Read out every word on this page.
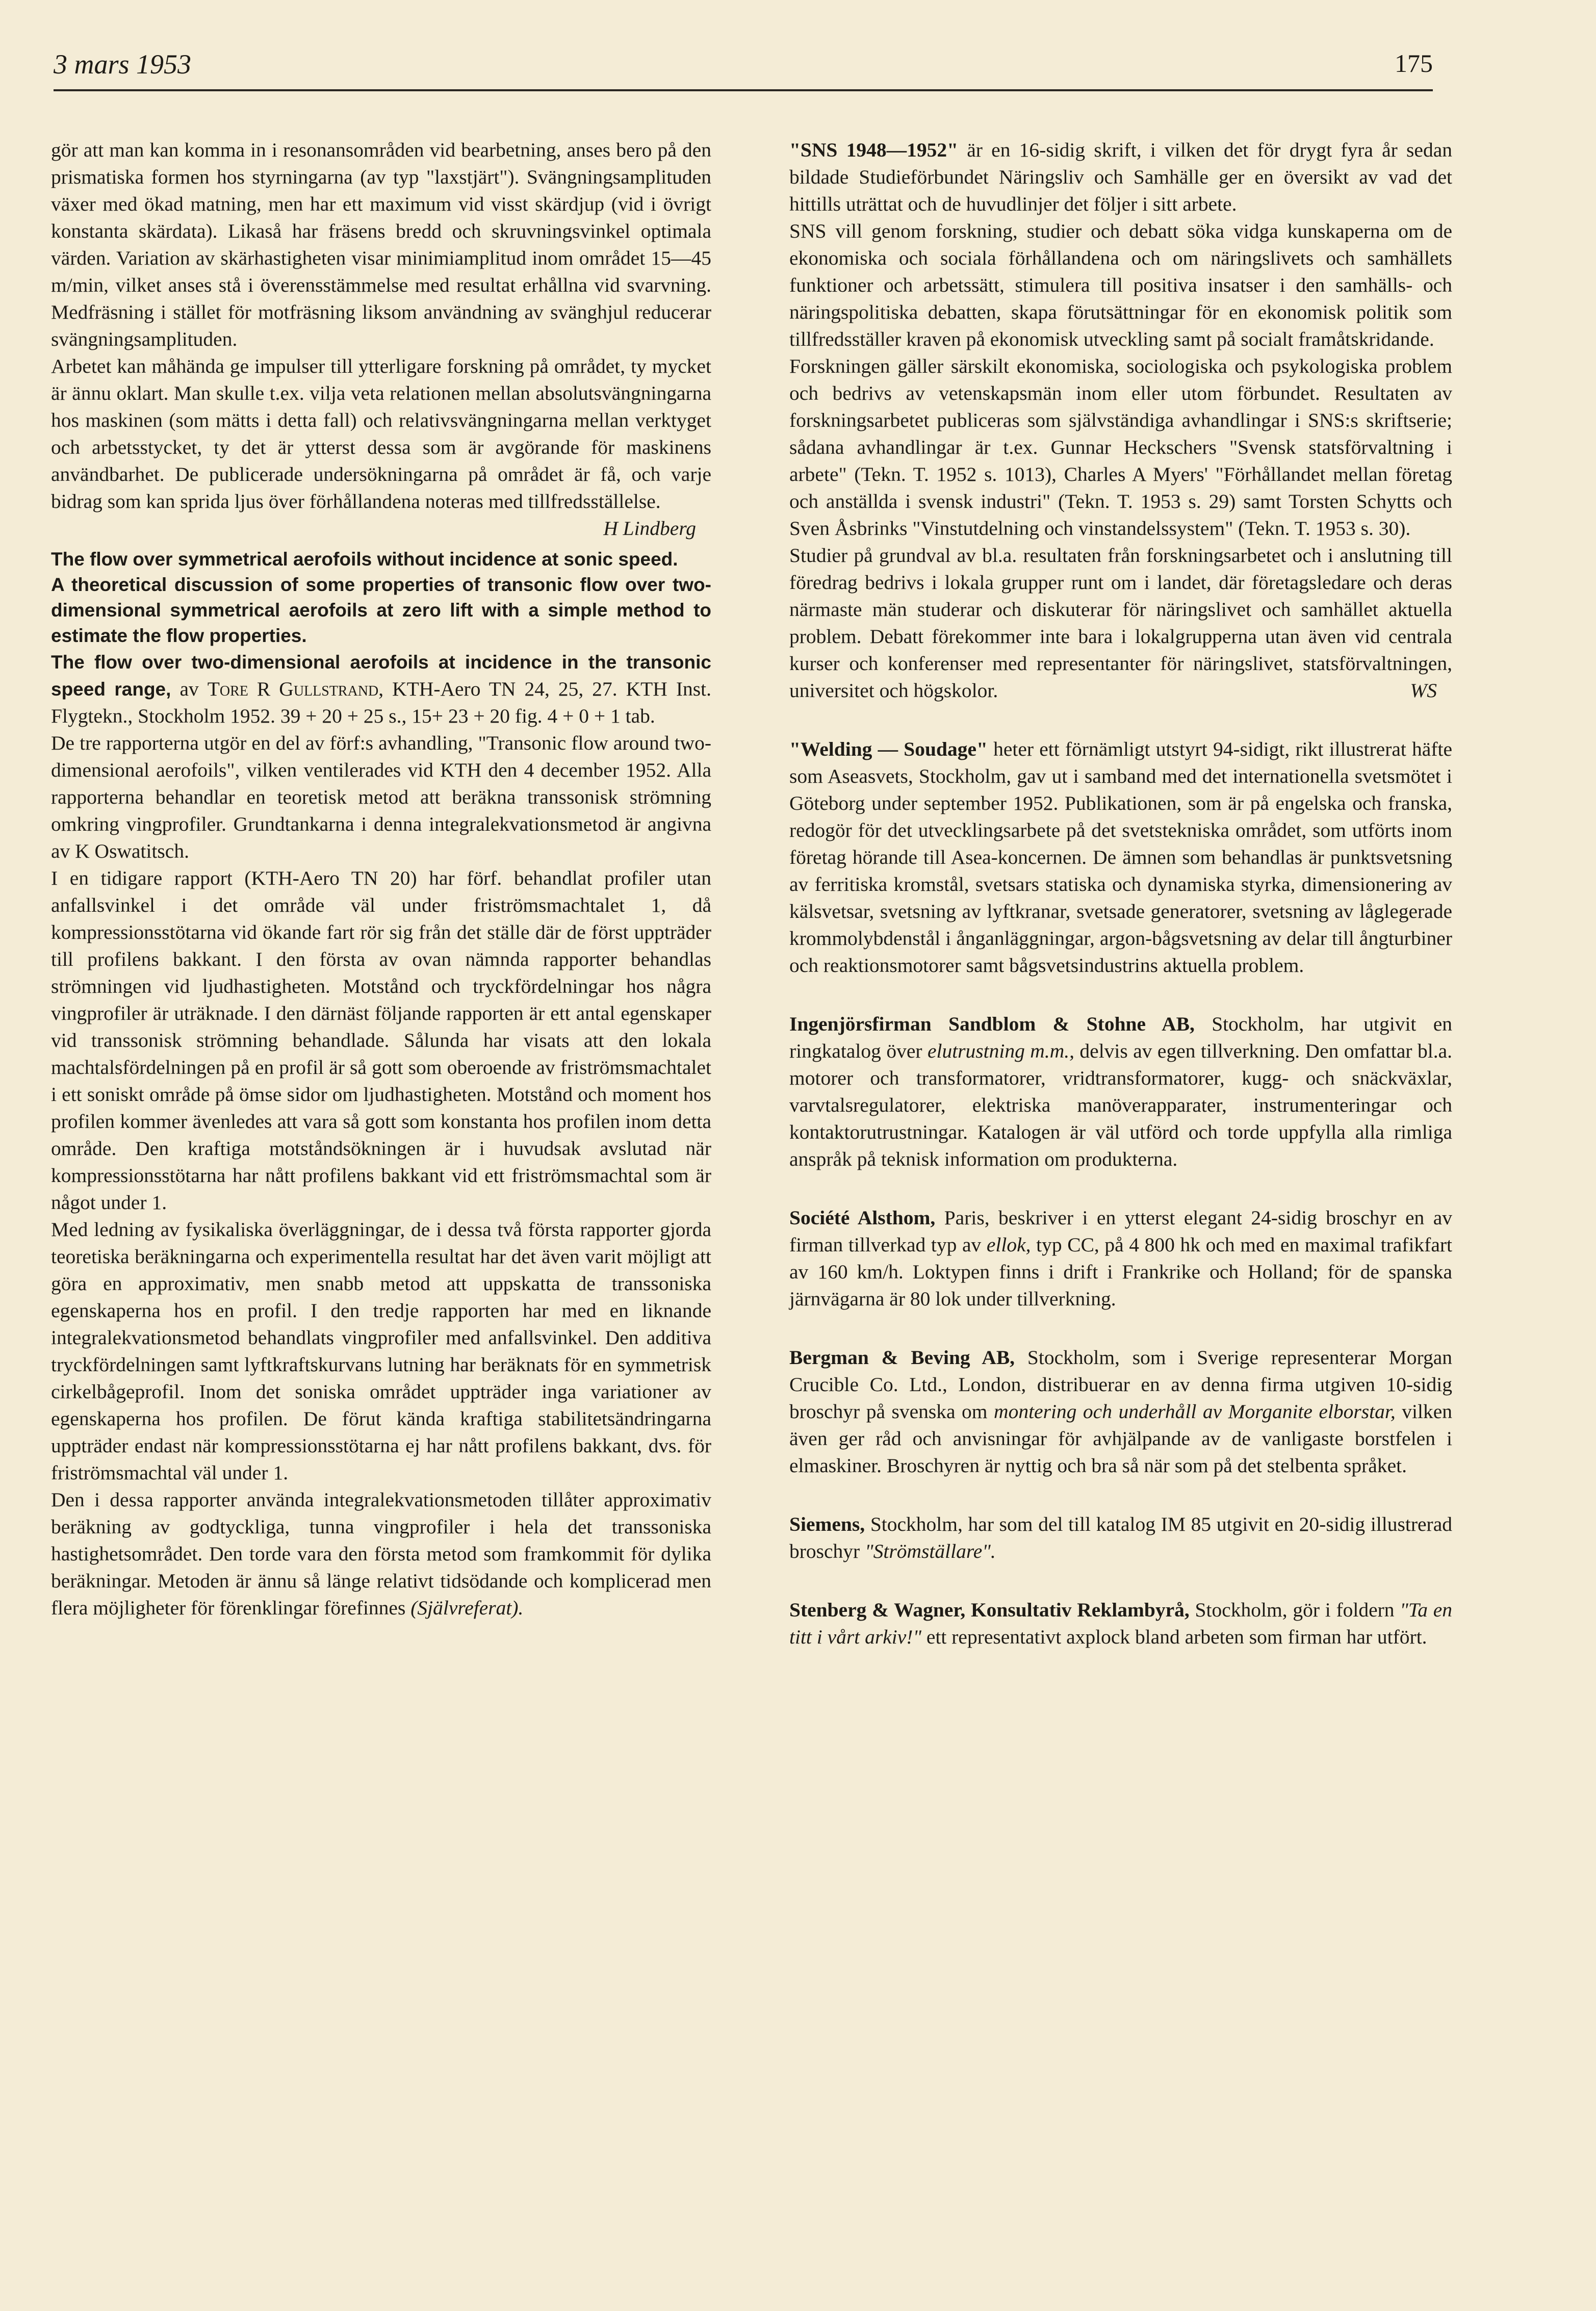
3 mars 1953	175

gör att man kan komma in i resonansområden vid bearbetning, anses bero på den prismatiska formen hos styrningarna (av typ "laxstjärt"). Svängningsamplituden växer med ökad matning, men har ett maximum vid visst skärdjup (vid i övrigt konstanta skärdata). Likaså har fräsens bredd och skruvningsvinkel optimala värden. Variation av skärhastigheten visar minimiamplitud inom området 15—45 m/min, vilket anses stå i överensstämmelse med resultat erhållna vid svarvning. Medfräsning i stället för motfräsning liksom användning av svänghjul reducerar svängningsamplituden.

Arbetet kan måhända ge impulser till ytterligare forskning på området, ty mycket är ännu oklart. Man skulle t.ex. vilja veta relationen mellan absolutsvängningarna hos maskinen (som mätts i detta fall) och relativsvängningarna mellan verktyget och arbetsstycket, ty det är ytterst dessa som är avgörande för maskinens användbarhet. De publicerade undersökningarna på området är få, och varje bidrag som kan sprida ljus över förhållandena noteras med tillfredsställelse.
H Lindberg

The flow over symmetrical aerofoils without incidence at sonic speed.

A theoretical discussion of some properties of transonic flow over two-dimensional symmetrical aerofoils at zero lift with a simple method to estimate the flow properties.

The flow over two-dimensional aerofoils at incidence in the transonic speed range, av Tore R Gullstrand, KTH-Aero TN 24, 25, 27. KTH Inst. Flygtekn., Stockholm 1952. 39 + 20 + 25 s., 15+ 23 + 20 fig. 4 + 0 + 1 tab.

De tre rapporterna utgör en del av förf:s avhandling, "Transonic flow around two-dimensional aerofoils", vilken ventilerades vid KTH den 4 december 1952. Alla rapporterna behandlar en teoretisk metod att beräkna transsonisk strömning omkring vingprofiler. Grundtankarna i denna integralekvationsmetod är angivna av K Oswatitsch.

I en tidigare rapport (KTH-Aero TN 20) har förf. behandlat profiler utan anfallsvinkel i det område väl under friströmsmachtalet 1, då kompressionsstötarna vid ökande fart rör sig från det ställe där de först uppträder till profilens bakkant. I den första av ovan nämnda rapporter behandlas strömningen vid ljudhastigheten. Motstånd och tryckfördelningar hos några vingprofiler är uträknade. I den därnäst följande rapporten är ett antal egenskaper vid transsonisk strömning behandlade. Sålunda har visats att den lokala machtalsfördelningen på en profil är så gott som oberoende av friströmsmachtalet i ett soniskt område på ömse sidor om ljudhastigheten. Motstånd och moment hos profilen kommer ävenledes att vara så gott som konstanta hos profilen inom detta område. Den kraftiga motståndsökningen är i huvudsak avslutad när kompressionsstötarna har nått profilens bakkant vid ett friströmsmachtal som är något under 1.

Med ledning av fysikaliska överläggningar, de i dessa två första rapporter gjorda teoretiska beräkningarna och experimentella resultat har det även varit möjligt att göra en approximativ, men snabb metod att uppskatta de transsoniska egenskaperna hos en profil. I den tredje rapporten har med en liknande integralekvationsmetod behandlats vingprofiler med anfallsvinkel. Den additiva tryckfördelningen samt lyftkraftskurvans lutning har beräknats för en symmetrisk cirkelbågeprofil. Inom det soniska området uppträder inga variationer av egenskaperna hos profilen. De förut kända kraftiga stabilitetsändringarna uppträder endast när kompressionsstötarna ej har nått profilens bakkant, dvs. för friströmsmachtal väl under 1.

Den i dessa rapporter använda integralekvationsmetoden tillåter approximativ beräkning av godtyckliga, tunna vingprofiler i hela det transsoniska hastighetsområdet. Den torde vara den första metod som framkommit för dylika beräkningar. Metoden är ännu så länge relativt tidsödande och komplicerad men flera möjligheter för förenklingar förefinnes (Självreferat).

"SNS 1948—1952" är en 16-sidig skrift, i vilken det för drygt fyra år sedan bildade Studieförbundet Näringsliv och Samhälle ger en översikt av vad det hittills uträttat och de huvudlinjer det följer i sitt arbete.

SNS vill genom forskning, studier och debatt söka vidga kunskaperna om de ekonomiska och sociala förhållandena och om näringslivets och samhällets funktioner och arbetssätt, stimulera till positiva insatser i den samhälls- och näringspolitiska debatten, skapa förutsättningar för en ekonomisk politik som tillfredsställer kraven på ekonomisk utveckling samt på socialt framåtskridande.

Forskningen gäller särskilt ekonomiska, sociologiska och psykologiska problem och bedrivs av vetenskapsmän inom eller utom förbundet. Resultaten av forskningsarbetet publiceras som självständiga avhandlingar i SNS:s skriftserie; sådana avhandlingar är t.ex. Gunnar Heckschers "Svensk statsförvaltning i arbete" (Tekn. T. 1952 s. 1013), Charles A Myers' "Förhållandet mellan företag och anställda i svensk industri" (Tekn. T. 1953 s. 29) samt Torsten Schytts och Sven Åsbrinks "Vinstutdelning och vinstandelssystem" (Tekn. T. 1953 s. 30).

Studier på grundval av bl.a. resultaten från forskningsarbetet och i anslutning till föredrag bedrivs i lokala grupper runt om i landet, där företagsledare och deras närmaste män studerar och diskuterar för näringslivet och samhället aktuella problem. Debatt förekommer inte bara i lokalgrupperna utan även vid centrala kurser och konferenser med representanter för näringslivet, statsförvaltningen, universitet och högskolor.	WS

"Welding — Soudage" heter ett förnämligt utstyrt 94-sidigt, rikt illustrerat häfte som Aseasvets, Stockholm, gav ut i samband med det internationella svetsmötet i Göteborg under september 1952. Publikationen, som är på engelska och franska, redogör för det utvecklingsarbete på det svetstekniska området, som utförts inom företag hörande till Asea-koncernen. De ämnen som behandlas är punktsvetsning av ferritiska kromstål, svetsars statiska och dynamiska styrka, dimensionering av kälsvetsar, svetsning av lyftkranar, svetsade generatorer, svetsning av låglegerade krommolybdenstål i ånganläggningar, argon-bågsvetsning av delar till ångturbiner och reaktionsmotorer samt bågsvetsindustrins aktuella problem.

Ingenjörsfirman Sandblom & Stohne AB, Stockholm, har utgivit en ringkatalog över elutrustning m.m., delvis av egen tillverkning. Den omfattar bl.a. motorer och transformatorer, vridtransformatorer, kugg- och snäckväxlar, varvtalsregulatorer, elektriska manöverapparater, instrumenteringar och kontaktorutrustningar. Katalogen är väl utförd och torde uppfylla alla rimliga anspråk på teknisk information om produkterna.

Société Alsthom, Paris, beskriver i en ytterst elegant 24-sidig broschyr en av firman tillverkad typ av ellok, typ CC, på 4 800 hk och med en maximal trafikfart av 160 km/h. Loktypen finns i drift i Frankrike och Holland; för de spanska järnvägarna är 80 lok under tillverkning.

Bergman & Beving AB, Stockholm, som i Sverige representerar Morgan Crucible Co. Ltd., London, distribuerar en av denna firma utgiven 10-sidig broschyr på svenska om montering och underhåll av Morganite elborstar, vilken även ger råd och anvisningar för avhjälpande av de vanligaste borstfelen i elmaskiner. Broschyren är nyttig och bra så när som på det stelbenta språket.

Siemens, Stockholm, har som del till katalog IM 85 utgivit en 20-sidig illustrerad broschyr "Strömställare".

Stenberg & Wagner, Konsultativ Reklambyrå, Stockholm, gör i foldern "Ta en titt i vårt arkiv!" ett representativt axplock bland arbeten som firman har utfört.
